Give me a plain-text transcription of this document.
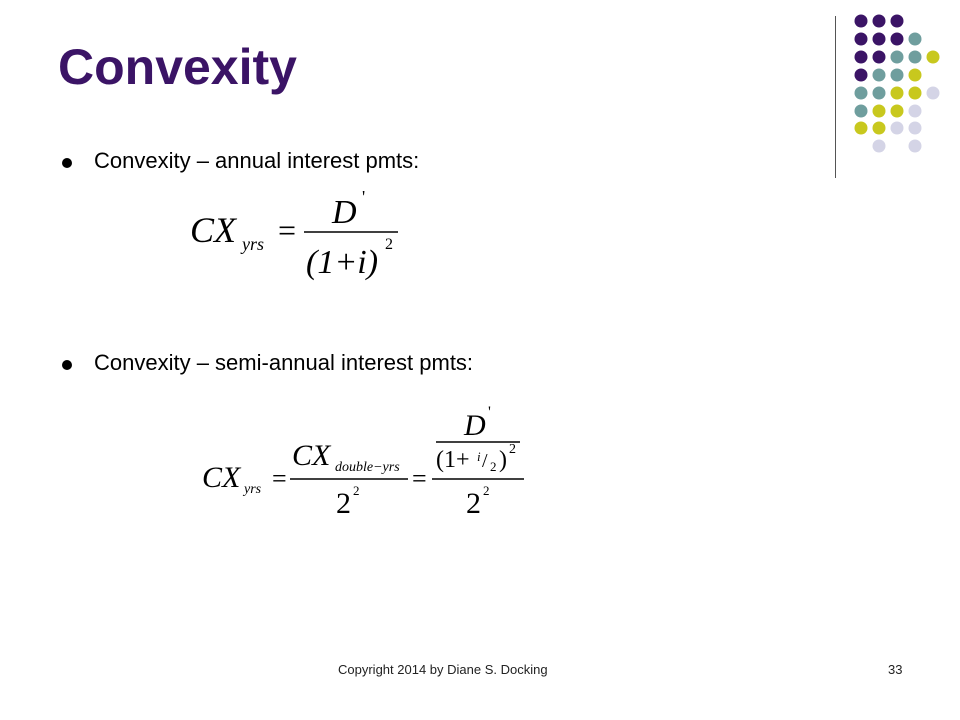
Convexity
Convexity – annual interest pmts:
CX yrs = D '
(1+i) 2
Convexity – semi-annual interest pmts:
CX yrs =
CX double−yrs
2 2 =
D '
(1+ i / 2 ) 2
2 2
Copyright 2014 by Diane S. Docking	33
